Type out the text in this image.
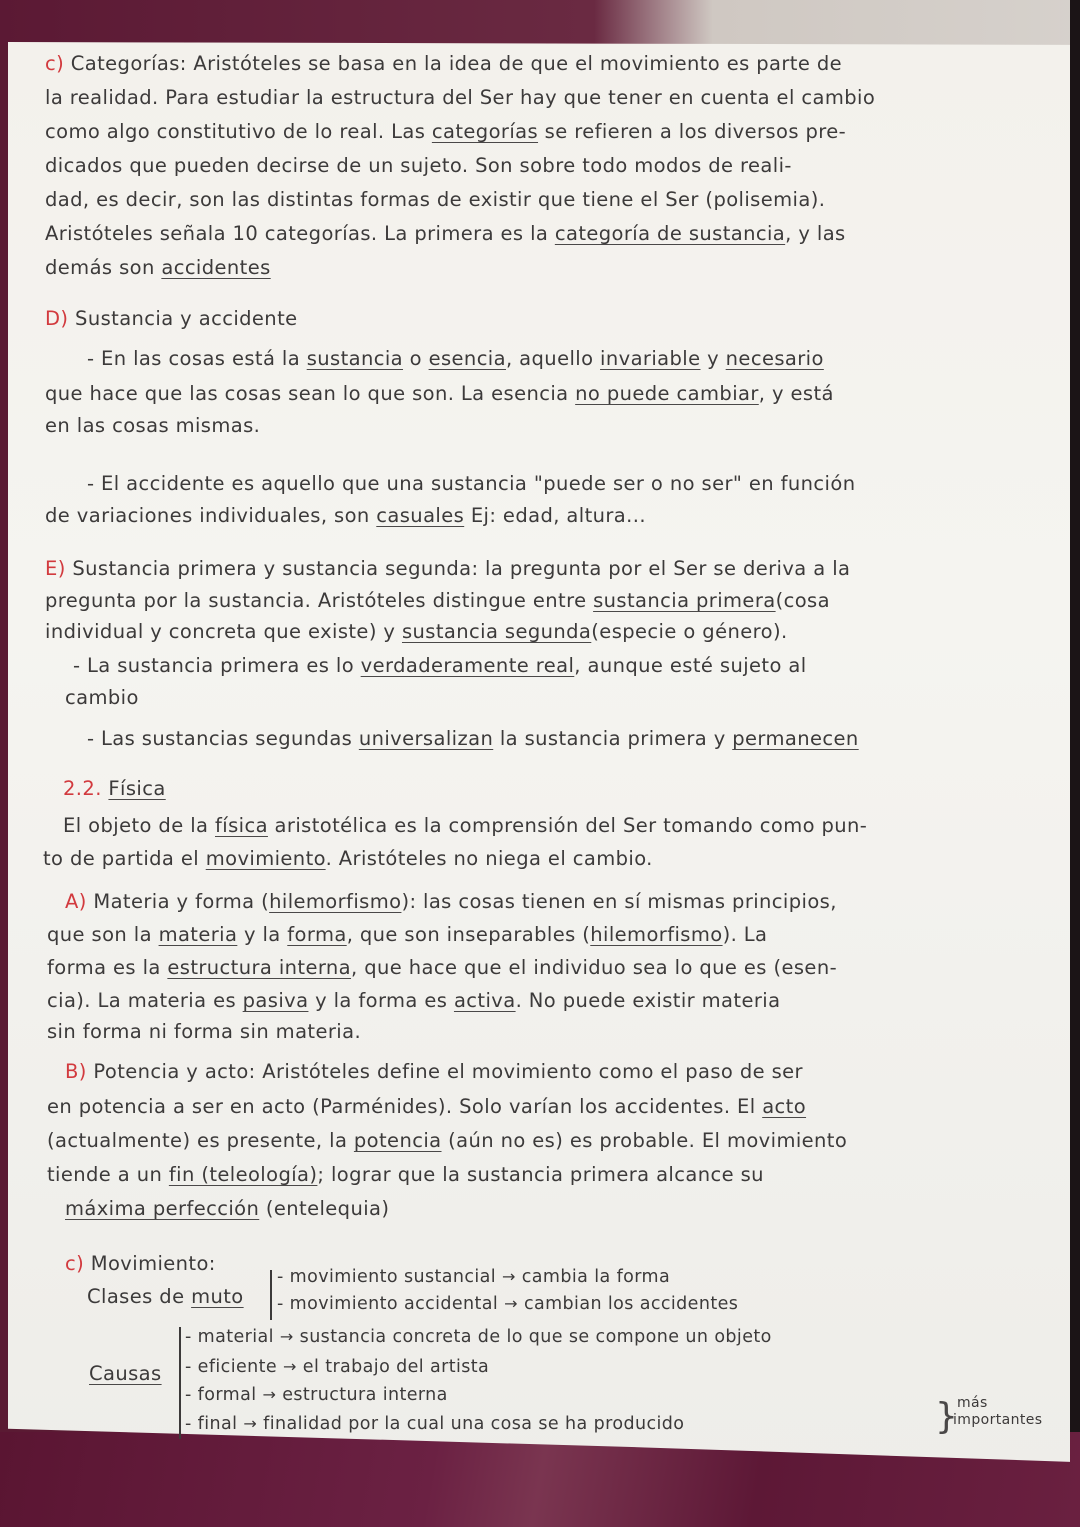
c) Categorías: Aristóteles se basa en la idea de que el movimiento es parte de
la realidad. Para estudiar la estructura del Ser hay que tener en cuenta el cambio
como algo constitutivo de lo real. Las categorías se refieren a los diversos pre-
dicados que pueden decirse de un sujeto. Son sobre todo modos de reali-
dad, es decir, son las distintas formas de existir que tiene el Ser (polisemia).
Aristóteles señala 10 categorías. La primera es la categoría de sustancia, y las
demás son accidentes
D) Sustancia y accidente
- En las cosas está la sustancia o esencia, aquello invariable y necesario
que hace que las cosas sean lo que son. La esencia no puede cambiar, y está
en las cosas mismas.
- El accidente es aquello que una sustancia "puede ser o no ser" en función
de variaciones individuales, son casuales Ej: edad, altura...
E) Sustancia primera y sustancia segunda: la pregunta por el Ser se deriva a la
pregunta por la sustancia. Aristóteles distingue entre sustancia primera(cosa
individual y concreta que existe) y sustancia segunda(especie o género).
- La sustancia primera es lo verdaderamente real, aunque esté sujeto al
cambio
- Las sustancias segundas universalizan la sustancia primera y permanecen
2.2. Física
El objeto de la física aristotélica es la comprensión del Ser tomando como pun-
to de partida el movimiento. Aristóteles no niega el cambio.
A) Materia y forma (hilemorfismo): las cosas tienen en sí mismas principios,
que son la materia y la forma, que son inseparables (hilemorfismo). La
forma es la estructura interna, que hace que el individuo sea lo que es (esen-
cia). La materia es pasiva y la forma es activa. No puede existir materia
sin forma ni forma sin materia.
B) Potencia y acto: Aristóteles define el movimiento como el paso de ser
en potencia a ser en acto (Parménides). Solo varían los accidentes. El acto
(actualmente) es presente, la potencia (aún no es) es probable. El movimiento
tiende a un fin (teleología); lograr que la sustancia primera alcance su
máxima perfección (entelequia)
c) Movimiento:
Clases de muto
- movimiento sustancial → cambia la forma
- movimiento accidental → cambian los accidentes
Causas
- material → sustancia concreta de lo que se compone un objeto
- eficiente → el trabajo del artista
- formal → estructura interna
- final → finalidad por la cual una cosa se ha producido	}
más
importantes
